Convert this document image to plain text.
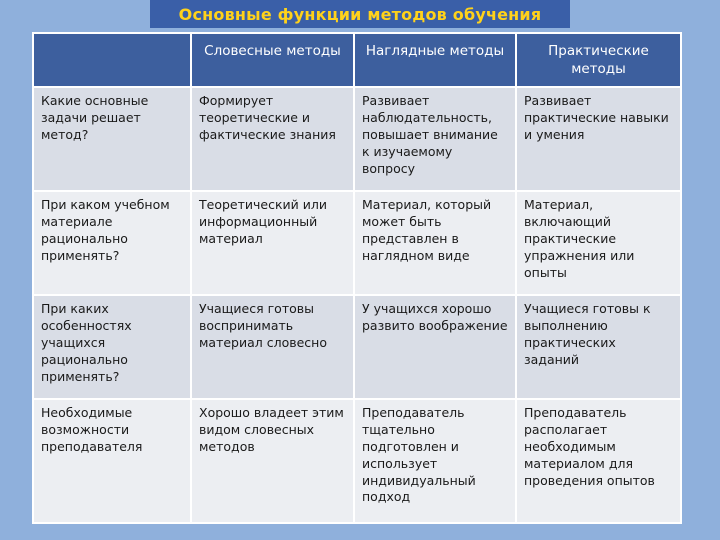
Основные функции методов обучения
	Словесные методы	Наглядные методы	Практические методы
Какие основные задачи решает метод?	Формирует теоретические и фактические знания	Развивает наблюдательность, повышает внимание к изучаемому вопросу	Развивает практические навыки и умения
При каком учебном материале рационально применять?	Теоретический или информационный материал	Материал, который может быть представлен в наглядном виде	Материал, включающий практические упражнения или опыты
При каких особенностях учащихся рационально применять?	Учащиеся готовы воспринимать материал словесно	У учащихся хорошо развито воображение	Учащиеся готовы к выполнению практических заданий
Необходимые возможности преподавателя	Хорошо владеет этим видом словесных методов	Преподаватель тщательно подготовлен и использует индивидуальный подход	Преподаватель располагает необходимым материалом для проведения опытов
